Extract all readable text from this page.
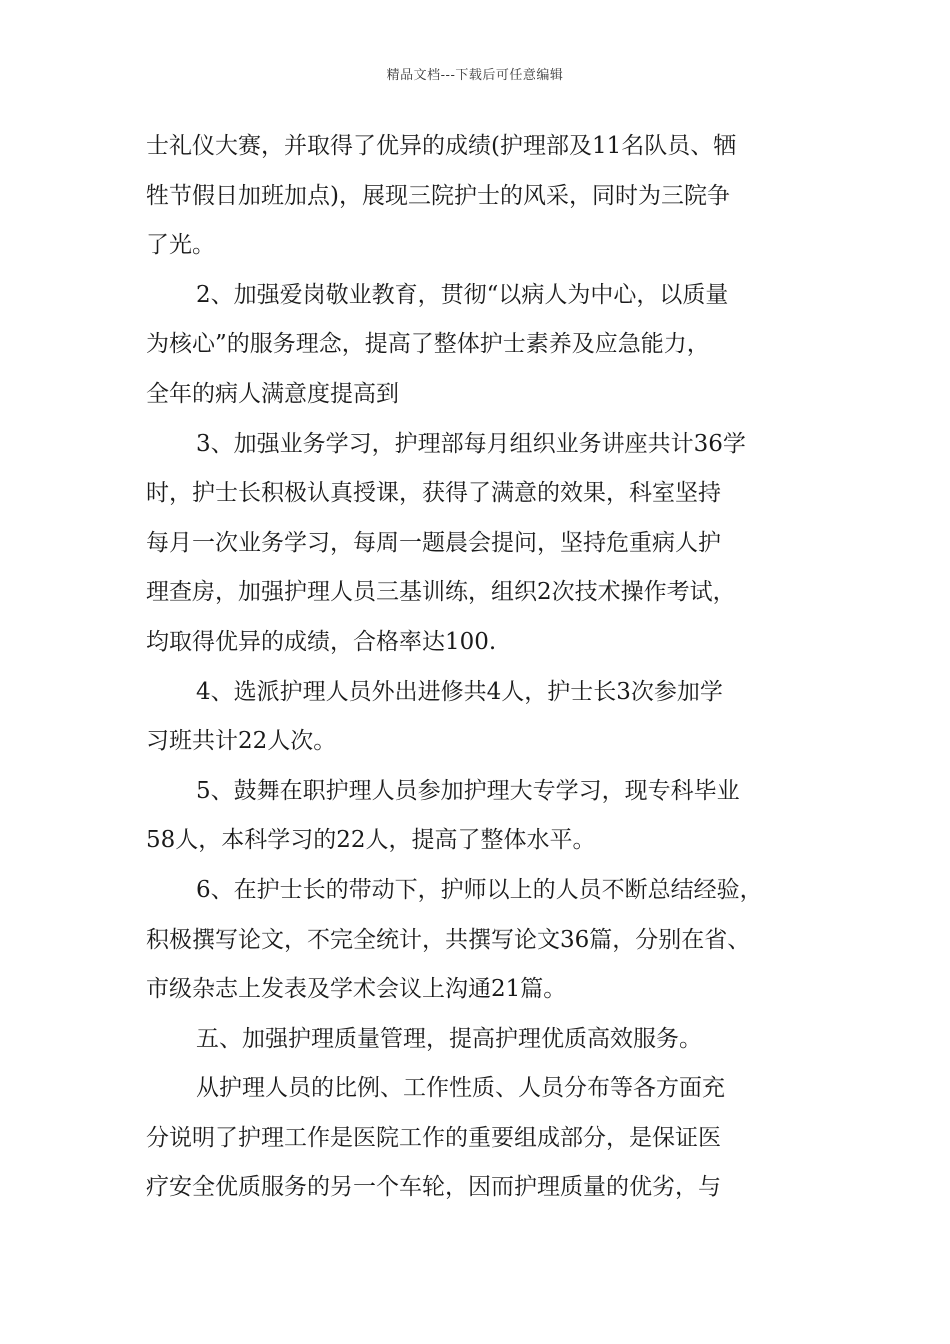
精品文档---下载后可任意编辑
士礼仪大赛，并取得了优异的成绩(护理部及11名队员、牺
牲节假日加班加点)，展现三院护士的风采，同时为三院争
了光。
2、加强爱岗敬业教育，贯彻“以病人为中心，以质量
为核心”的服务理念，提高了整体护士素养及应急能力，
全年的病人满意度提高到
3、加强业务学习，护理部每月组织业务讲座共计36学
时，护士长积极认真授课，获得了满意的效果，科室坚持
每月一次业务学习，每周一题晨会提问，坚持危重病人护
理查房，加强护理人员三基训练，组织2次技术操作考试，
均取得优异的成绩，合格率达100.
4、选派护理人员外出进修共4人，护士长3次参加学
习班共计22人次。
5、鼓舞在职护理人员参加护理大专学习，现专科毕业
58人，本科学习的22人，提高了整体水平。
6、在护士长的带动下，护师以上的人员不断总结经验，
积极撰写论文，不完全统计，共撰写论文36篇，分别在省、
市级杂志上发表及学术会议上沟通21篇。
五、加强护理质量管理，提高护理优质高效服务。
从护理人员的比例、工作性质、人员分布等各方面充
分说明了护理工作是医院工作的重要组成部分，是保证医
疗安全优质服务的另一个车轮，因而护理质量的优劣，与
